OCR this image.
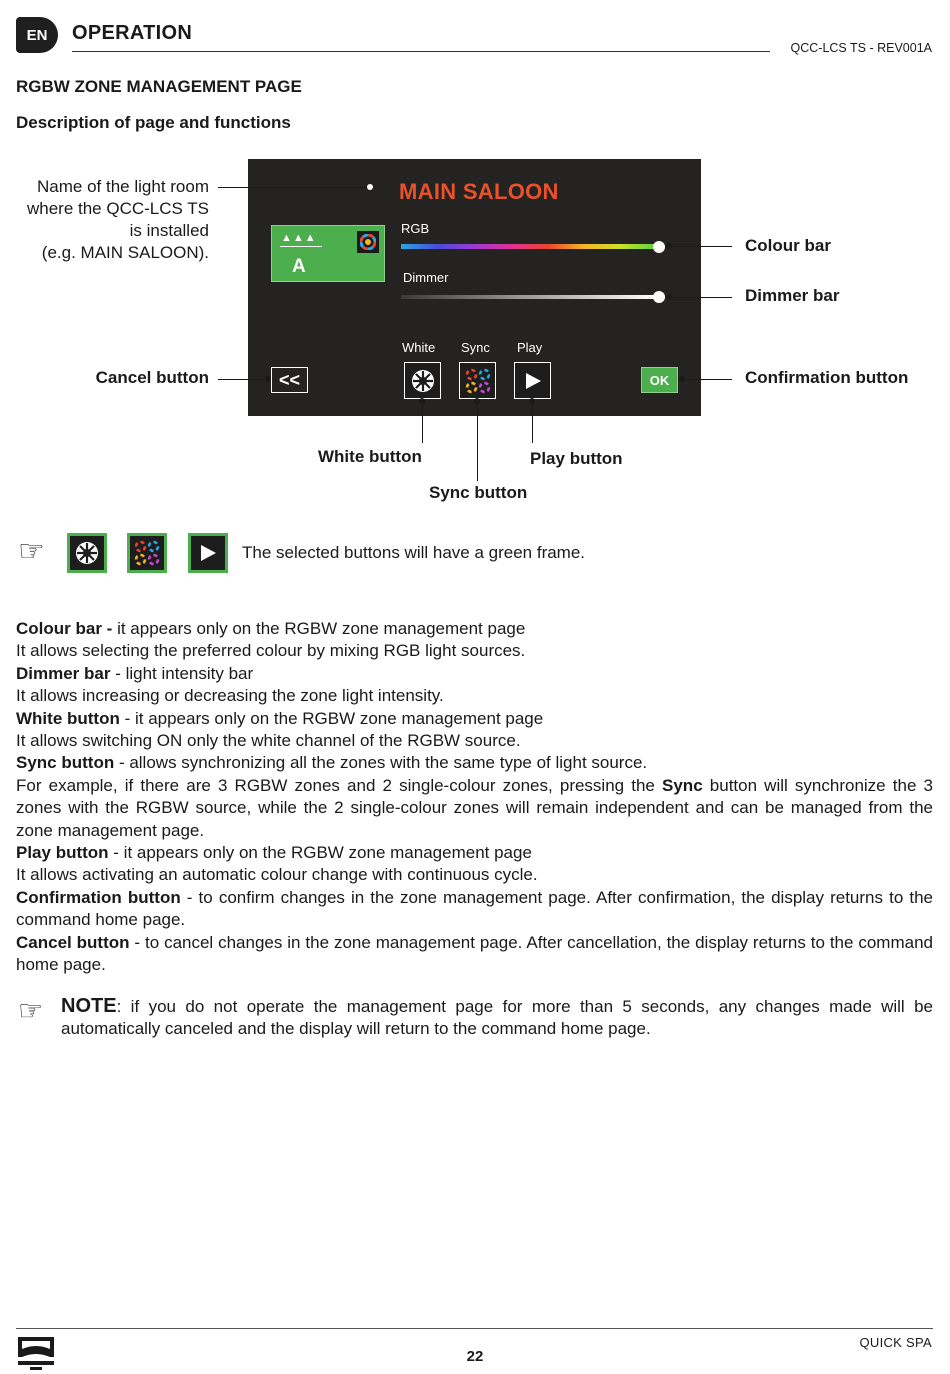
EN	OPERATION
QCC-LCS TS - REV001A
RGBW ZONE MANAGEMENT PAGE
Description of page and functions
MAIN SALOON
▲▲▲
A
RGB
Dimmer
White Sync Play
<<	OK
Name of the light room
where the QCC-LCS TS
is installed
(e.g. MAIN SALOON).	Colour bar
Dimmer bar
Cancel button	Confirmation button
White button
Sync button
Play button
☞	The selected buttons will have a green frame.

Colour bar - it appears only on the RGBW zone management page

It allows selecting the preferred colour by mixing RGB light sources.

Dimmer bar - light intensity bar

It allows increasing or decreasing the zone light intensity.

White button - it appears only on the RGBW zone management page

It allows switching ON only the white channel of the RGBW source.

Sync button - allows synchronizing all the zones with the same type of light source.

For example, if there are 3 RGBW zones and 2 single-colour zones, pressing the Sync button will synchronize the 3 zones with the RGBW source, while the 2 single-colour zones will remain independent and can be managed from the zone management page.

Play button - it appears only on the RGBW zone management page

It allows activating an automatic colour change with continuous cycle.

Confirmation button - to confirm changes in the zone management page. After confirmation, the display returns to the command home page.

Cancel button - to cancel changes in the zone management page. After cancellation, the display returns to the command home page.

☞ NOTE: if you do not operate the management page for more than 5 seconds, any changes made will be automatically canceled and the display will return to the command home page.
22
QUICK SPA
